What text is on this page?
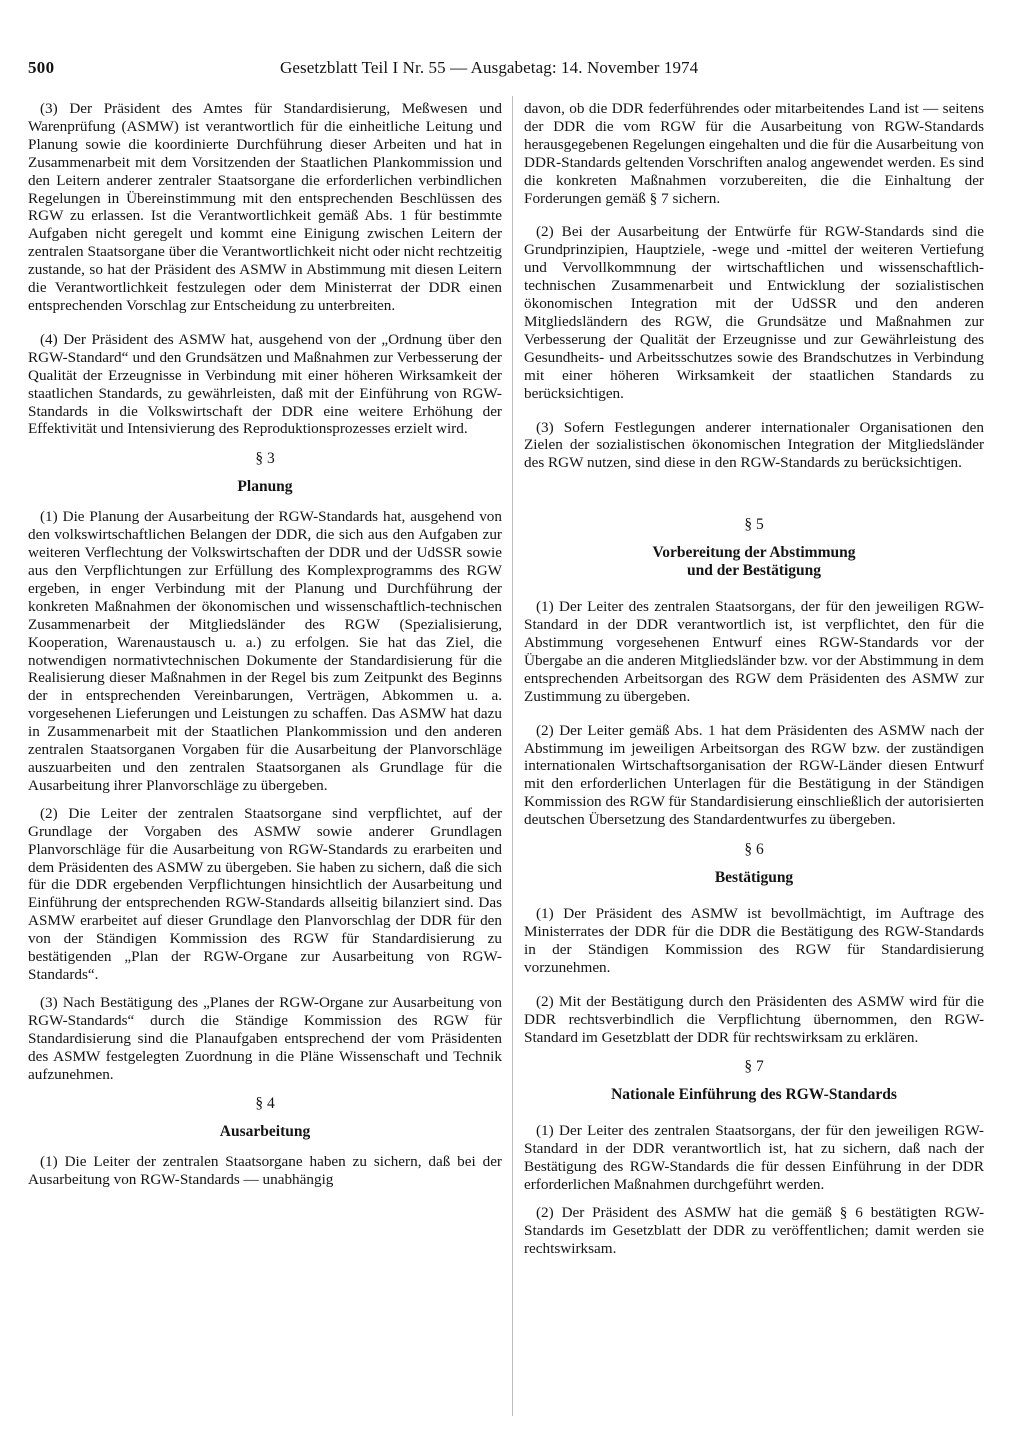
500	Gesetzblatt Teil I Nr. 55 — Ausgabetag: 14. November 1974

(3) Der Präsident des Amtes für Standardisierung, Meßwesen und Warenprüfung (ASMW) ist verantwortlich für die einheitliche Leitung und Planung sowie die koordinierte Durchführung dieser Arbeiten und hat in Zusammenarbeit mit dem Vorsitzenden der Staatlichen Plankommission und den Leitern anderer zentraler Staatsorgane die erforderlichen verbindlichen Regelungen in Übereinstimmung mit den entsprechenden Beschlüssen des RGW zu erlassen. Ist die Verantwortlichkeit gemäß Abs. 1 für bestimmte Aufgaben nicht geregelt und kommt eine Einigung zwischen Leitern der zentralen Staatsorgane über die Verantwortlichkeit nicht oder nicht rechtzeitig zustande, so hat der Präsident des ASMW in Abstimmung mit diesen Leitern die Verantwortlichkeit festzulegen oder dem Ministerrat der DDR einen entsprechenden Vorschlag zur Entscheidung zu unterbreiten.

(4) Der Präsident des ASMW hat, ausgehend von der „Ordnung über den RGW-Standard“ und den Grundsätzen und Maßnahmen zur Verbesserung der Qualität der Erzeugnisse in Verbindung mit einer höheren Wirksamkeit der staatlichen Standards, zu gewährleisten, daß mit der Einführung von RGW-Standards in die Volkswirtschaft der DDR eine weitere Erhöhung der Effektivität und Intensivierung des Reproduktionsprozesses erzielt wird.

§ 3
Planung

(1) Die Planung der Ausarbeitung der RGW-Standards hat, ausgehend von den volkswirtschaftlichen Belangen der DDR, die sich aus den Aufgaben zur weiteren Verflechtung der Volkswirtschaften der DDR und der UdSSR sowie aus den Verpflichtungen zur Erfüllung des Komplexprogramms des RGW ergeben, in enger Verbindung mit der Planung und Durchführung der konkreten Maßnahmen der ökonomischen und wissenschaftlich-technischen Zusammenarbeit der Mitgliedsländer des RGW (Spezialisierung, Kooperation, Warenaustausch u. a.) zu erfolgen. Sie hat das Ziel, die notwendigen normativtechnischen Dokumente der Standardisierung für die Realisierung dieser Maßnahmen in der Regel bis zum Zeitpunkt des Beginns der in entsprechenden Vereinbarungen, Verträgen, Abkommen u. a. vorgesehenen Lieferungen und Leistungen zu schaffen. Das ASMW hat dazu in Zusammenarbeit mit der Staatlichen Plankommission und den anderen zentralen Staatsorganen Vorgaben für die Ausarbeitung der Planvorschläge auszuarbeiten und den zentralen Staatsorganen als Grundlage für die Ausarbeitung ihrer Planvorschläge zu übergeben.

(2) Die Leiter der zentralen Staatsorgane sind verpflichtet, auf der Grundlage der Vorgaben des ASMW sowie anderer Grundlagen Planvorschläge für die Ausarbeitung von RGW-Standards zu erarbeiten und dem Präsidenten des ASMW zu übergeben. Sie haben zu sichern, daß die sich für die DDR ergebenden Verpflichtungen hinsichtlich der Ausarbeitung und Einführung der entsprechenden RGW-Standards allseitig bilanziert sind. Das ASMW erarbeitet auf dieser Grundlage den Planvorschlag der DDR für den von der Ständigen Kommission des RGW für Standardisierung zu bestätigenden „Plan der RGW-Organe zur Ausarbeitung von RGW-Standards“.

(3) Nach Bestätigung des „Planes der RGW-Organe zur Ausarbeitung von RGW-Standards“ durch die Ständige Kommission des RGW für Standardisierung sind die Planaufgaben entsprechend der vom Präsidenten des ASMW festgelegten Zuordnung in die Pläne Wissenschaft und Technik aufzunehmen.

§ 4
Ausarbeitung

(1) Die Leiter der zentralen Staatsorgane haben zu sichern, daß bei der Ausarbeitung von RGW-Standards — unabhängig

davon, ob die DDR federführendes oder mitarbeitendes Land ist — seitens der DDR die vom RGW für die Ausarbeitung von RGW-Standards herausgegebenen Regelungen eingehalten und die für die Ausarbeitung von DDR-Standards geltenden Vorschriften analog angewendet werden. Es sind die konkreten Maßnahmen vorzubereiten, die die Einhaltung der Forderungen gemäß § 7 sichern.

(2) Bei der Ausarbeitung der Entwürfe für RGW-Standards sind die Grundprinzipien, Hauptziele, -wege und -mittel der weiteren Vertiefung und Vervollkommnung der wirtschaftlichen und wissenschaftlich-technischen Zusammenarbeit und Entwicklung der sozialistischen ökonomischen Integration mit der UdSSR und den anderen Mitgliedsländern des RGW, die Grundsätze und Maßnahmen zur Verbesserung der Qualität der Erzeugnisse und zur Gewährleistung des Gesundheits- und Arbeitsschutzes sowie des Brandschutzes in Verbindung mit einer höheren Wirksamkeit der staatlichen Standards zu berücksichtigen.

(3) Sofern Festlegungen anderer internationaler Organisationen den Zielen der sozialistischen ökonomischen Integration der Mitgliedsländer des RGW nutzen, sind diese in den RGW-Standards zu berücksichtigen.

§ 5
Vorbereitung der Abstimmung
und der Bestätigung

(1) Der Leiter des zentralen Staatsorgans, der für den jeweiligen RGW-Standard in der DDR verantwortlich ist, ist verpflichtet, den für die Abstimmung vorgesehenen Entwurf eines RGW-Standards vor der Übergabe an die anderen Mitgliedsländer bzw. vor der Abstimmung in dem entsprechenden Arbeitsorgan des RGW dem Präsidenten des ASMW zur Zustimmung zu übergeben.

(2) Der Leiter gemäß Abs. 1 hat dem Präsidenten des ASMW nach der Abstimmung im jeweiligen Arbeitsorgan des RGW bzw. der zuständigen internationalen Wirtschaftsorganisation der RGW-Länder diesen Entwurf mit den erforderlichen Unterlagen für die Bestätigung in der Ständigen Kommission des RGW für Standardisierung einschließlich der autorisierten deutschen Übersetzung des Standardentwurfes zu übergeben.

§ 6
Bestätigung

(1) Der Präsident des ASMW ist bevollmächtigt, im Auftrage des Ministerrates der DDR für die DDR die Bestätigung des RGW-Standards in der Ständigen Kommission des RGW für Standardisierung vorzunehmen.

(2) Mit der Bestätigung durch den Präsidenten des ASMW wird für die DDR rechtsverbindlich die Verpflichtung übernommen, den RGW-Standard im Gesetzblatt der DDR für rechtswirksam zu erklären.

§ 7
Nationale Einführung des RGW-Standards

(1) Der Leiter des zentralen Staatsorgans, der für den jeweiligen RGW-Standard in der DDR verantwortlich ist, hat zu sichern, daß nach der Bestätigung des RGW-Standards die für dessen Einführung in der DDR erforderlichen Maßnahmen durchgeführt werden.

(2) Der Präsident des ASMW hat die gemäß § 6 bestätigten RGW-Standards im Gesetzblatt der DDR zu veröffentlichen; damit werden sie rechtswirksam.
